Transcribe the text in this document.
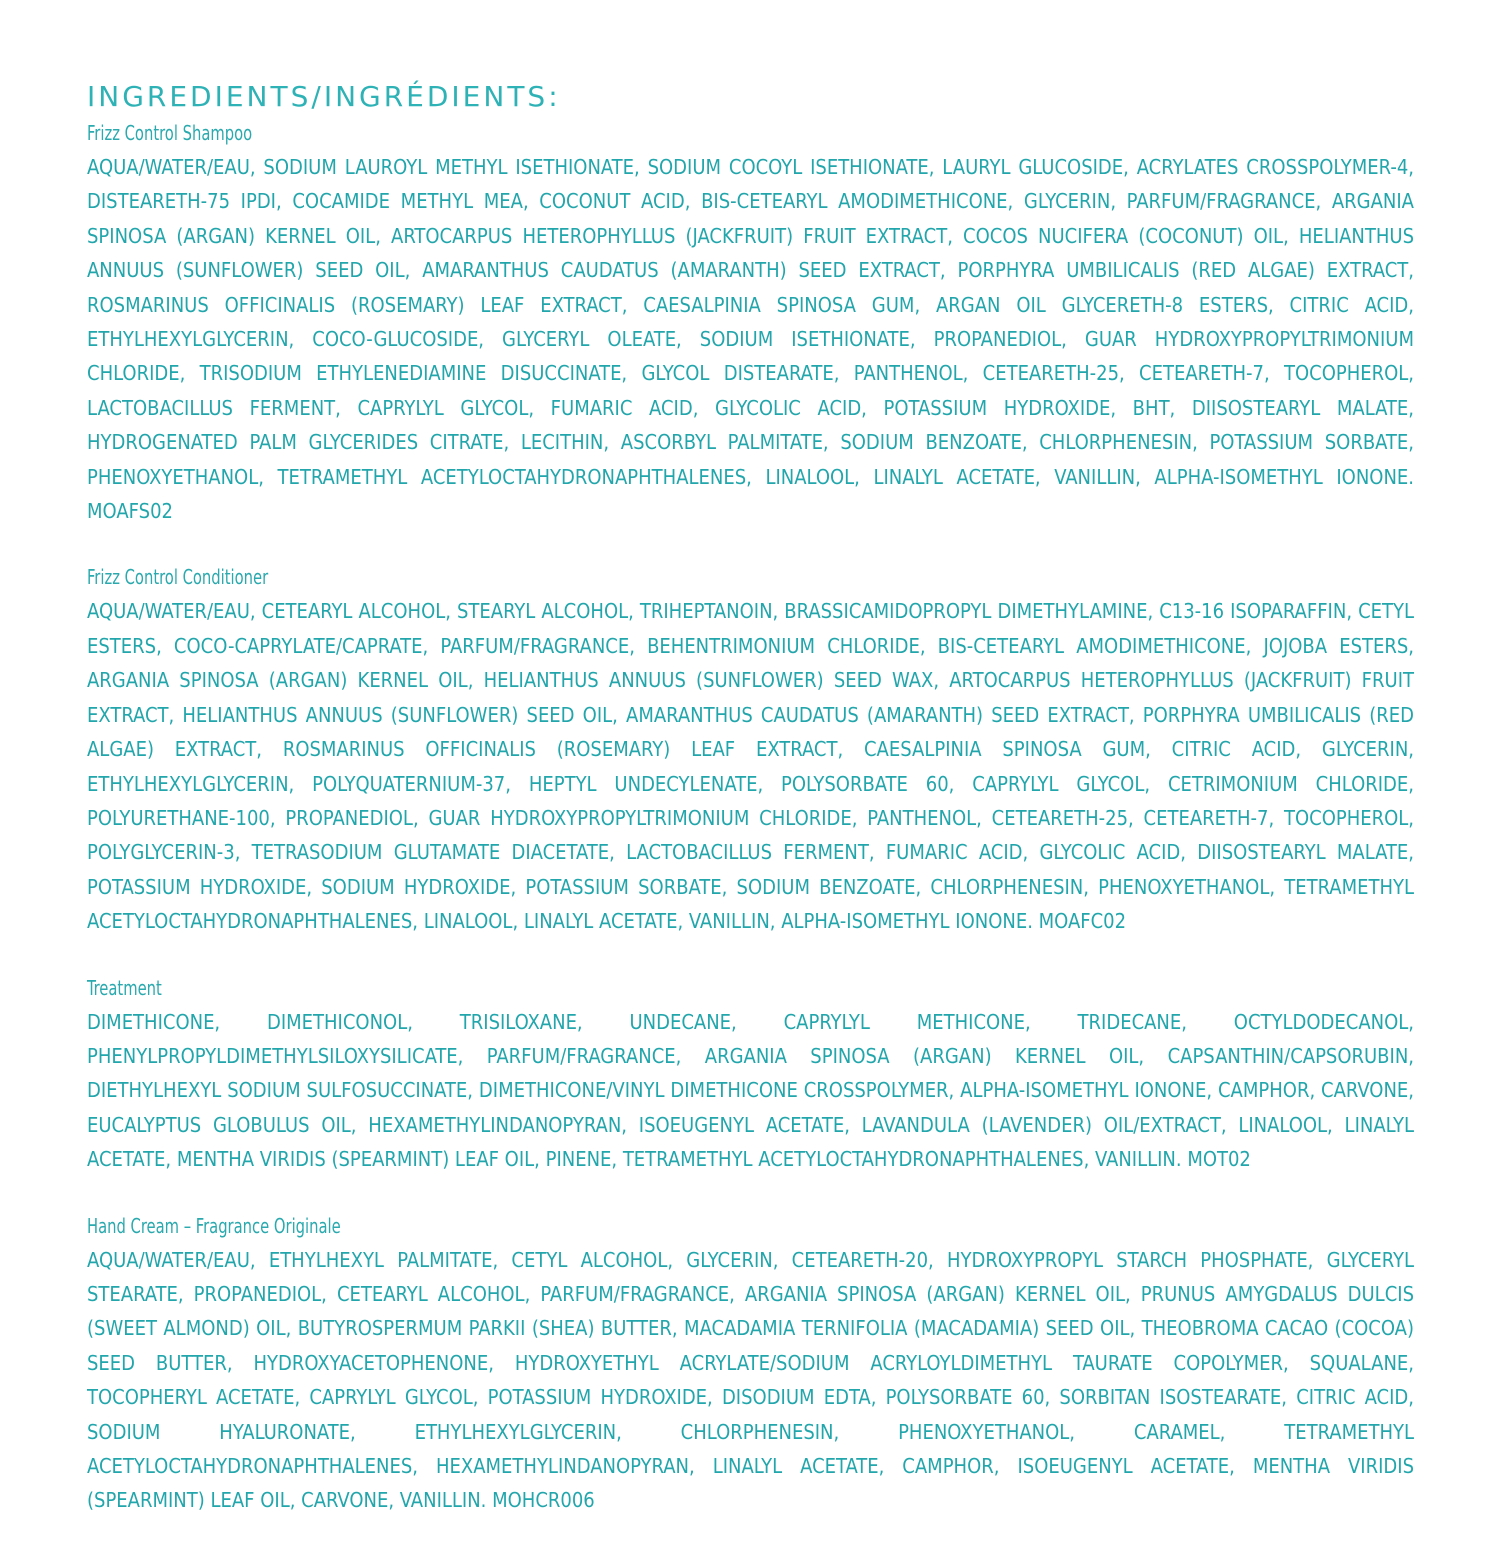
INGREDIENTS/INGRÉDIENTS:
Frizz Control Shampoo
AQUA/WATER/EAU, SODIUM LAUROYL METHYL ISETHIONATE, SODIUM COCOYL ISETHIONATE, LAURYL GLUCOSIDE, ACRYLATES CROSSPOLYMER-4, DISTEARETH-75 IPDI, COCAMIDE METHYL MEA, COCONUT ACID, BIS-CETEARYL AMODIMETHICONE, GLYCERIN, PARFUM/FRAGRANCE, ARGANIA SPINOSA (ARGAN) KERNEL OIL, ARTOCARPUS HETEROPHYLLUS (JACKFRUIT) FRUIT EXTRACT, COCOS NUCIFERA (COCONUT) OIL, HELIANTHUS ANNUUS (SUNFLOWER) SEED OIL, AMARANTHUS CAUDATUS (AMARANTH) SEED EXTRACT, PORPHYRA UMBILICALIS (RED ALGAE) EXTRACT, ROSMARINUS OFFICINALIS (ROSEMARY) LEAF EXTRACT, CAESALPINIA SPINOSA GUM, ARGAN OIL GLYCERETH-8 ESTERS, CITRIC ACID, ETHYLHEXYLGLYCERIN, COCO-GLUCOSIDE, GLYCERYL OLEATE, SODIUM ISETHIONATE, PROPANEDIOL, GUAR HYDROXYPROPYLTRIMONIUM CHLORIDE, TRISODIUM ETHYLENEDIAMINE DISUCCINATE, GLYCOL DISTEARATE, PANTHENOL, CETEARETH-25, CETEARETH-7, TOCOPHEROL, LACTOBACILLUS FERMENT, CAPRYLYL GLYCOL, FUMARIC ACID, GLYCOLIC ACID, POTASSIUM HYDROXIDE, BHT, DIISOSTEARYL MALATE, HYDROGENATED PALM GLYCERIDES CITRATE, LECITHIN, ASCORBYL PALMITATE, SODIUM BENZOATE, CHLORPHENESIN, POTASSIUM SORBATE, PHENOXYETHANOL, TETRAMETHYL ACETYLOCTAHYDRONAPHTHALENES, LINALOOL, LINALYL ACETATE, VANILLIN, ALPHA-ISOMETHYL IONONE. MOAFS02
Frizz Control Conditioner
AQUA/WATER/EAU, CETEARYL ALCOHOL, STEARYL ALCOHOL, TRIHEPTANOIN, BRASSICAMIDOPROPYL DIMETHYLAMINE, C13-16 ISOPARAFFIN, CETYL ESTERS, COCO-CAPRYLATE/CAPRATE, PARFUM/FRAGRANCE, BEHENTRIMONIUM CHLORIDE, BIS-CETEARYL AMODIMETHICONE, JOJOBA ESTERS, ARGANIA SPINOSA (ARGAN) KERNEL OIL, HELIANTHUS ANNUUS (SUNFLOWER) SEED WAX, ARTOCARPUS HETEROPHYLLUS (JACKFRUIT) FRUIT EXTRACT, HELIANTHUS ANNUUS (SUNFLOWER) SEED OIL, AMARANTHUS CAUDATUS (AMARANTH) SEED EXTRACT, PORPHYRA UMBILICALIS (RED ALGAE) EXTRACT, ROSMARINUS OFFICINALIS (ROSEMARY) LEAF EXTRACT, CAESALPINIA SPINOSA GUM, CITRIC ACID, GLYCERIN, ETHYLHEXYLGLYCERIN, POLYQUATERNIUM-37, HEPTYL UNDECYLENATE, POLYSORBATE 60, CAPRYLYL GLYCOL, CETRIMONIUM CHLORIDE, POLYURETHANE-100, PROPANEDIOL, GUAR HYDROXYPROPYLTRIMONIUM CHLORIDE, PANTHENOL, CETEARETH-25, CETEARETH-7, TOCOPHEROL, POLYGLYCERIN-3, TETRASODIUM GLUTAMATE DIACETATE, LACTOBACILLUS FERMENT, FUMARIC ACID, GLYCOLIC ACID, DIISOSTEARYL MALATE, POTASSIUM HYDROXIDE, SODIUM HYDROXIDE, POTASSIUM SORBATE, SODIUM BENZOATE, CHLORPHENESIN, PHENOXYETHANOL, TETRAMETHYL ACETYLOCTAHYDRONAPHTHALENES, LINALOOL, LINALYL ACETATE, VANILLIN, ALPHA-ISOMETHYL IONONE. MOAFC02
Treatment
DIMETHICONE, DIMETHICONOL, TRISILOXANE, UNDECANE, CAPRYLYL METHICONE, TRIDECANE, OCTYLDODECANOL, PHENYLPROPYLDIMETHYLSILOXYSILICATE, PARFUM/FRAGRANCE, ARGANIA SPINOSA (ARGAN) KERNEL OIL, CAPSANTHIN/CAPSORUBIN, DIETHYLHEXYL SODIUM SULFOSUCCINATE, DIMETHICONE/VINYL DIMETHICONE CROSSPOLYMER, ALPHA-ISOMETHYL IONONE, CAMPHOR, CARVONE, EUCALYPTUS GLOBULUS OIL, HEXAMETHYLINDANOPYRAN, ISOEUGENYL ACETATE, LAVANDULA (LAVENDER) OIL/EXTRACT, LINALOOL, LINALYL ACETATE, MENTHA VIRIDIS (SPEARMINT) LEAF OIL, PINENE, TETRAMETHYL ACETYLOCTAHYDRONAPHTHALENES, VANILLIN. MOT02
Hand Cream – Fragrance Originale
AQUA/WATER/EAU, ETHYLHEXYL PALMITATE, CETYL ALCOHOL, GLYCERIN, CETEARETH-20, HYDROXYPROPYL STARCH PHOSPHATE, GLYCERYL STEARATE, PROPANEDIOL, CETEARYL ALCOHOL, PARFUM/FRAGRANCE, ARGANIA SPINOSA (ARGAN) KERNEL OIL, PRUNUS AMYGDALUS DULCIS (SWEET ALMOND) OIL, BUTYROSPERMUM PARKII (SHEA) BUTTER, MACADAMIA TERNIFOLIA (MACADAMIA) SEED OIL, THEOBROMA CACAO (COCOA) SEED BUTTER, HYDROXYACETOPHENONE, HYDROXYETHYL ACRYLATE/SODIUM ACRYLOYLDIMETHYL TAURATE COPOLYMER, SQUALANE, TOCOPHERYL ACETATE, CAPRYLYL GLYCOL, POTASSIUM HYDROXIDE, DISODIUM EDTA, POLYSORBATE 60, SORBITAN ISOSTEARATE, CITRIC ACID, SODIUM HYALURONATE, ETHYLHEXYLGLYCERIN, CHLORPHENESIN, PHENOXYETHANOL, CARAMEL, TETRAMETHYL ACETYLOCTAHYDRONAPHTHALENES, HEXAMETHYLINDANOPYRAN, LINALYL ACETATE, CAMPHOR, ISOEUGENYL ACETATE, MENTHA VIRIDIS (SPEARMINT) LEAF OIL, CARVONE, VANILLIN. MOHCR006
